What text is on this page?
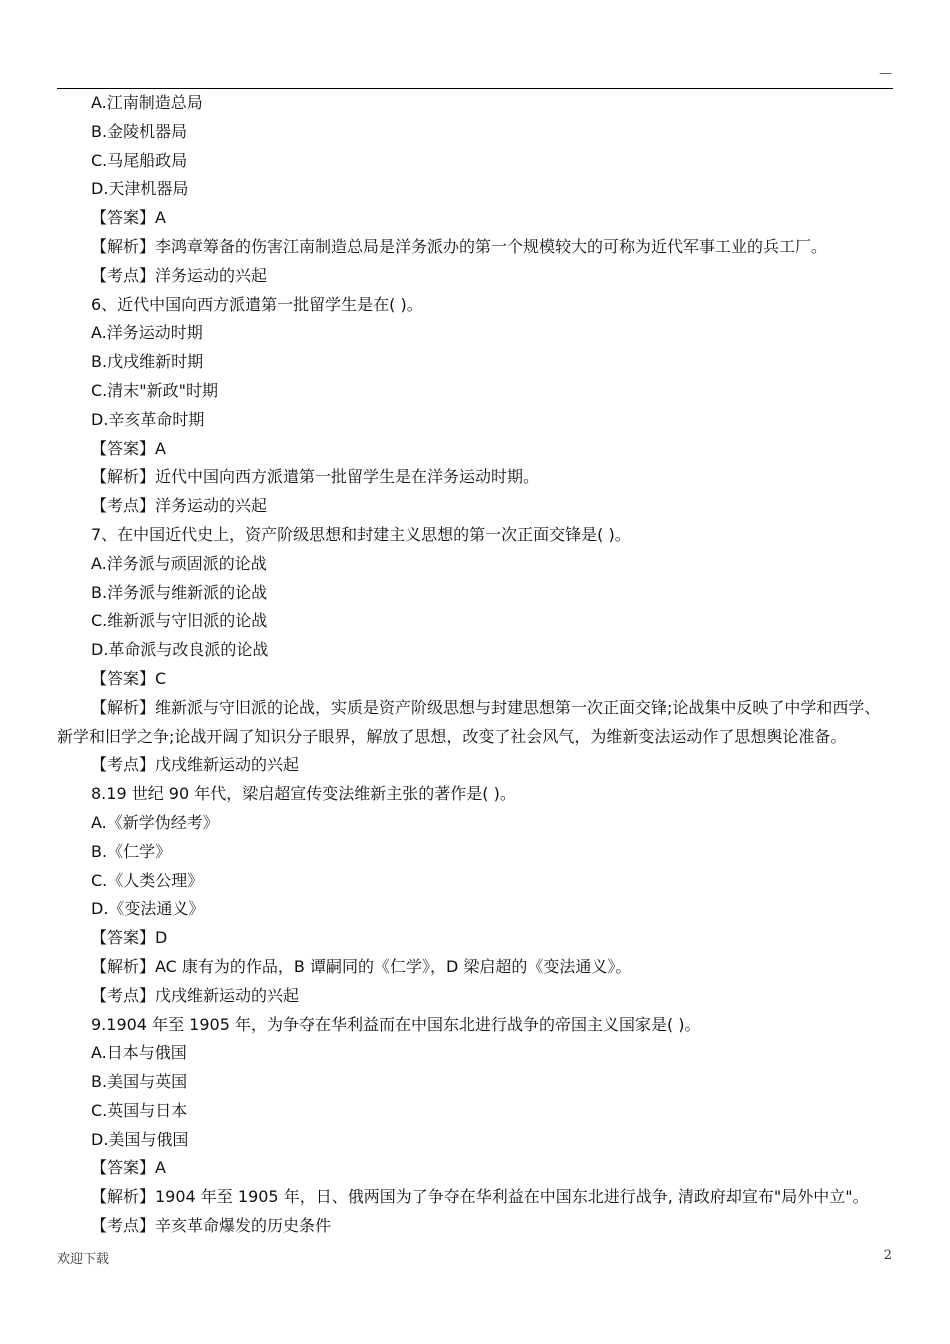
—
A.江南制造总局
B.金陵机器局
C.马尾船政局
D.天津机器局
【答案】A
【解析】李鸿章筹备的伤害江南制造总局是洋务派办的第一个规模较大的可称为近代军事工业的兵工厂。
【考点】洋务运动的兴起
6、近代中国向西方派遣第一批留学生是在( )。
A.洋务运动时期
B.戊戌维新时期
C.清末"新政"时期
D.辛亥革命时期
【答案】A
【解析】近代中国向西方派遣第一批留学生是在洋务运动时期。
【考点】洋务运动的兴起
7、在中国近代史上，资产阶级思想和封建主义思想的第一次正面交锋是( )。
A.洋务派与顽固派的论战
B.洋务派与维新派的论战
C.维新派与守旧派的论战
D.革命派与改良派的论战
【答案】C
【解析】维新派与守旧派的论战，实质是资产阶级思想与封建思想第一次正面交锋;论战集中反映了中学和西学、新学和旧学之争;论战开阔了知识分子眼界，解放了思想，改变了社会风气，为维新变法运动作了思想舆论准备。
【考点】戊戌维新运动的兴起
8.19 世纪 90 年代，梁启超宣传变法维新主张的著作是( )。
A.《新学伪经考》
B.《仁学》
C.《人类公理》
D.《变法通义》
【答案】D
【解析】AC 康有为的作品，B 谭嗣同的《仁学》，D 梁启超的《变法通义》。
【考点】戊戌维新运动的兴起
9.1904 年至 1905 年，为争夺在华利益而在中国东北进行战争的帝国主义国家是( )。
A.日本与俄国
B.美国与英国
C.英国与日本
D.美国与俄国
【答案】A
【解析】1904 年至 1905 年，日、俄两国为了争夺在华利益在中国东北进行战争, 清政府却宣布"局外中立"。
【考点】辛亥革命爆发的历史条件
欢迎下载	2
